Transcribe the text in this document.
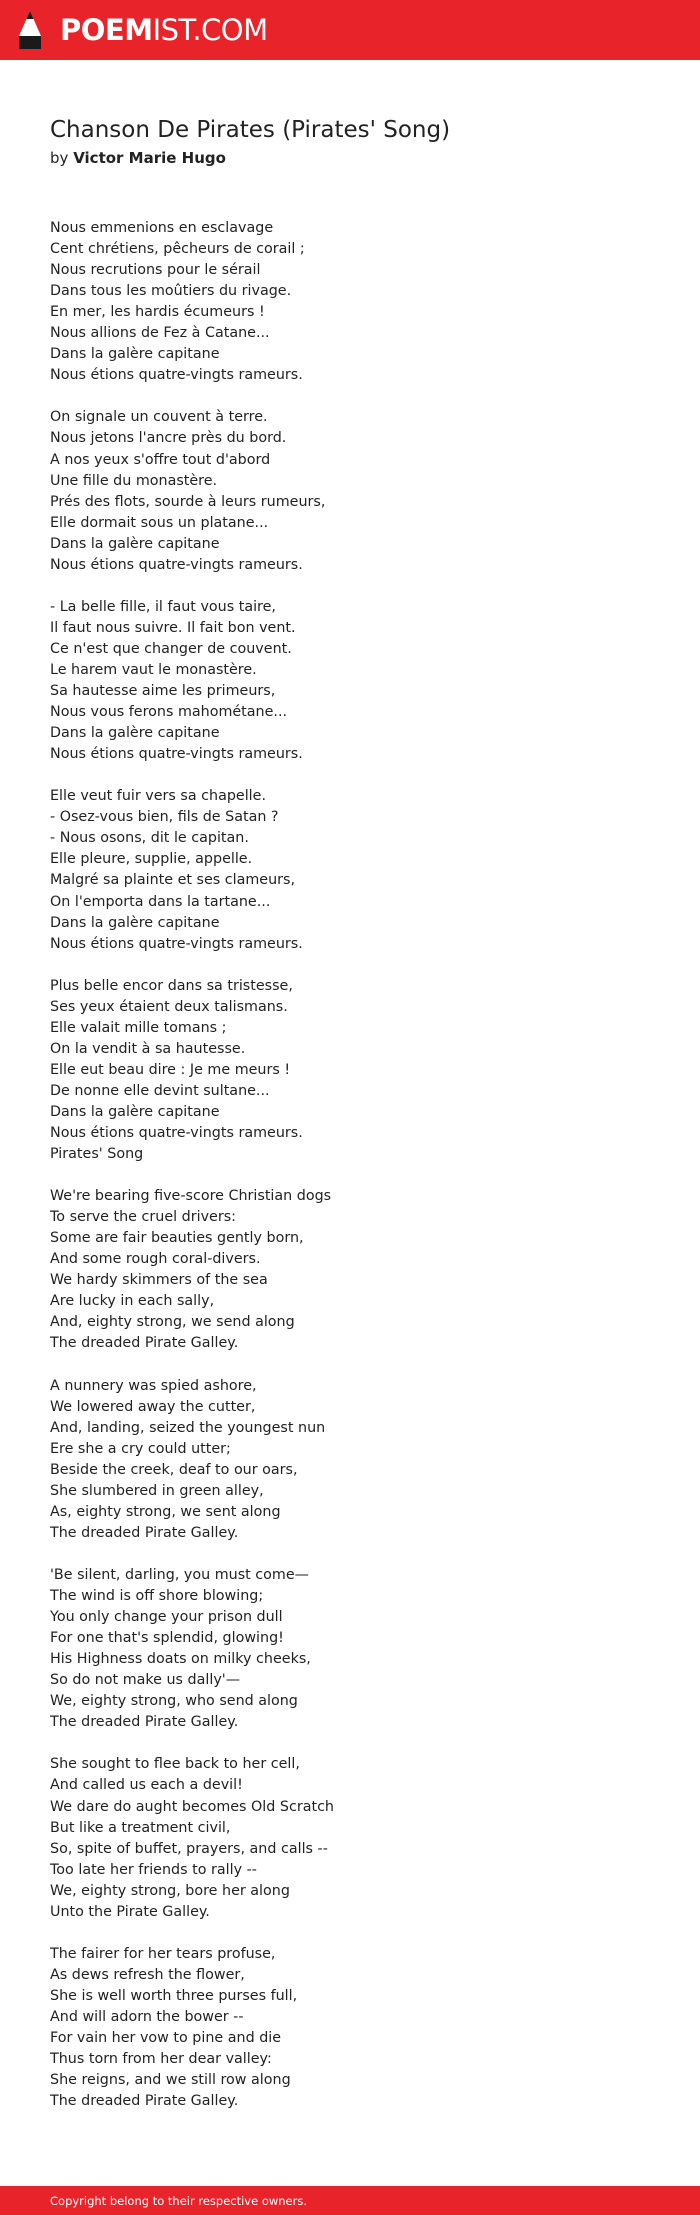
POEMIST.COM
Chanson De Pirates (Pirates' Song)
by Victor Marie Hugo
Nous emmenions en esclavage
Cent chrétiens, pêcheurs de corail ;
Nous recrutions pour le sérail
Dans tous les moûtiers du rivage.
En mer, les hardis écumeurs !
Nous allions de Fez à Catane...
Dans la galère capitane
Nous étions quatre-vingts rameurs.
On signale un couvent à terre.
Nous jetons l'ancre près du bord.
A nos yeux s'offre tout d'abord
Une fille du monastère.
Prés des flots, sourde à leurs rumeurs,
Elle dormait sous un platane...
Dans la galère capitane
Nous étions quatre-vingts rameurs.
- La belle fille, il faut vous taire,
Il faut nous suivre. Il fait bon vent.
Ce n'est que changer de couvent.
Le harem vaut le monastère.
Sa hautesse aime les primeurs,
Nous vous ferons mahométane...
Dans la galère capitane
Nous étions quatre-vingts rameurs.
Elle veut fuir vers sa chapelle.
- Osez-vous bien, fils de Satan ?
- Nous osons, dit le capitan.
Elle pleure, supplie, appelle.
Malgré sa plainte et ses clameurs,
On l'emporta dans la tartane...
Dans la galère capitane
Nous étions quatre-vingts rameurs.
Plus belle encor dans sa tristesse,
Ses yeux étaient deux talismans.
Elle valait mille tomans ;
On la vendit à sa hautesse.
Elle eut beau dire : Je me meurs !
De nonne elle devint sultane...
Dans la galère capitane
Nous étions quatre-vingts rameurs.
Pirates' Song
We're bearing five-score Christian dogs
To serve the cruel drivers:
Some are fair beauties gently born,
And some rough coral-divers.
We hardy skimmers of the sea
Are lucky in each sally,
And, eighty strong, we send along
The dreaded Pirate Galley.
A nunnery was spied ashore,
We lowered away the cutter,
And, landing, seized the youngest nun
Ere she a cry could utter;
Beside the creek, deaf to our oars,
She slumbered in green alley,
As, eighty strong, we sent along
The dreaded Pirate Galley.
'Be silent, darling, you must come—
The wind is off shore blowing;
You only change your prison dull
For one that's splendid, glowing!
His Highness doats on milky cheeks,
So do not make us dally'—
We, eighty strong, who send along
The dreaded Pirate Galley.
She sought to flee back to her cell,
And called us each a devil!
We dare do aught becomes Old Scratch
But like a treatment civil,
So, spite of buffet, prayers, and calls --
Too late her friends to rally --
We, eighty strong, bore her along
Unto the Pirate Galley.
The fairer for her tears profuse,
As dews refresh the flower,
She is well worth three purses full,
And will adorn the bower --
For vain her vow to pine and die
Thus torn from her dear valley:
She reigns, and we still row along
The dreaded Pirate Galley.
Copyright belong to their respective owners.
